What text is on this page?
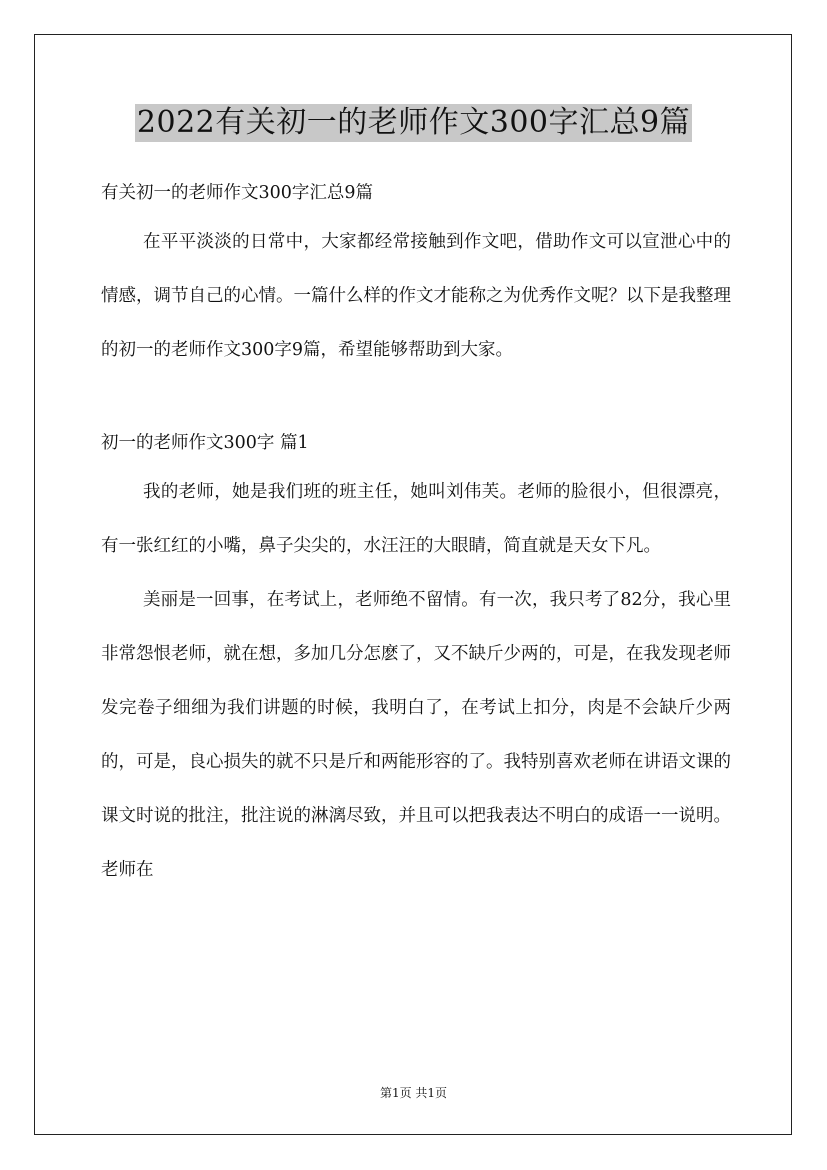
2022有关初一的老师作文300字汇总9篇

有关初一的老师作文300字汇总9篇

在平平淡淡的日常中，大家都经常接触到作文吧，借助作文可以宣泄心中的情感，调节自己的心情。一篇什么样的作文才能称之为优秀作文呢？以下是我整理的初一的老师作文300字9篇，希望能够帮助到大家。

初一的老师作文300字 篇1

我的老师，她是我们班的班主任，她叫刘伟芙。老师的脸很小，但很漂亮，有一张红红的小嘴，鼻子尖尖的，水汪汪的大眼睛，简直就是天女下凡。

美丽是一回事，在考试上，老师绝不留情。有一次，我只考了82分，我心里非常怨恨老师，就在想，多加几分怎麽了，又不缺斤少两的，可是，在我发现老师发完卷子细细为我们讲题的时候，我明白了，在考试上扣分，肉是不会缺斤少两的，可是，良心损失的就不只是斤和两能形容的了。我特别喜欢老师在讲语文课的课文时说的批注，批注说的淋漓尽致，并且可以把我表达不明白的成语一一说明。老师在

第1页 共1页
